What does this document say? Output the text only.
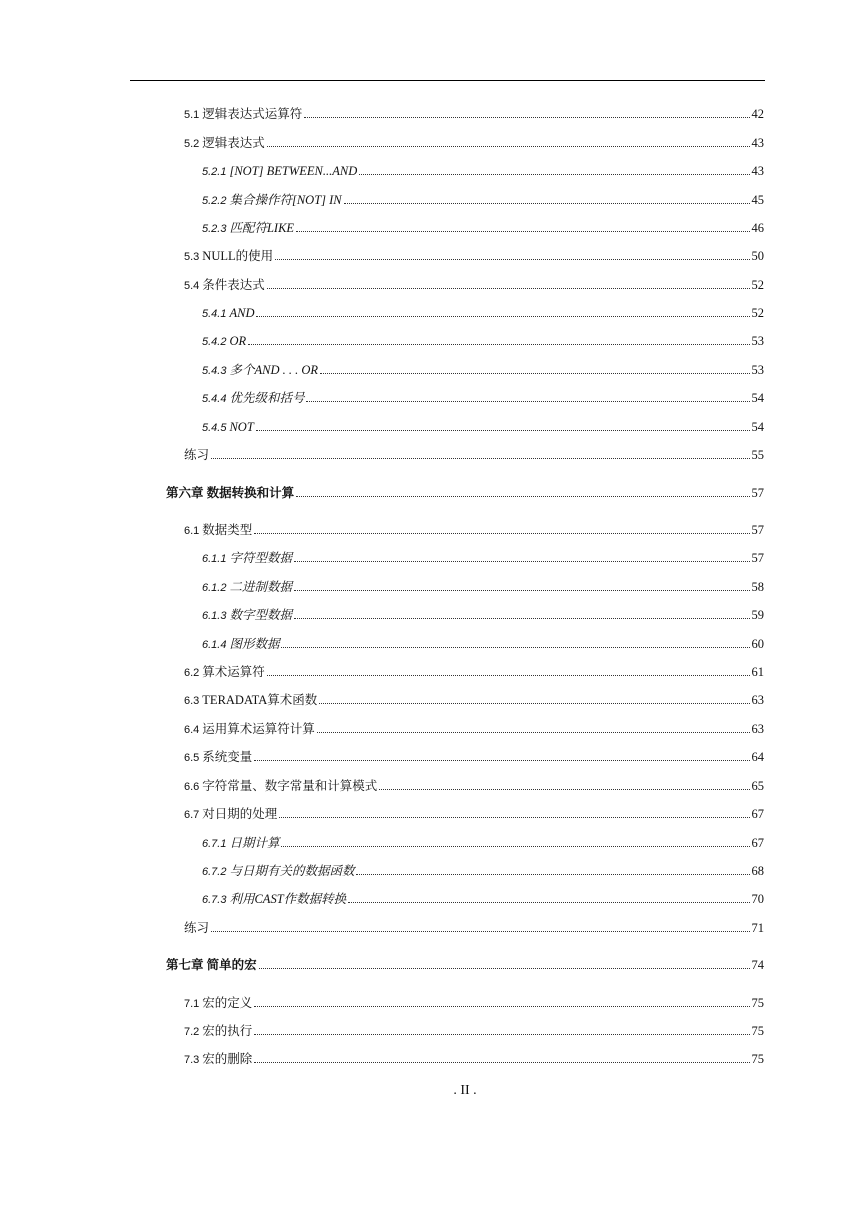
5.1 逻辑表达式运算符	42
5.2 逻辑表达式	43
5.2.1 [NOT] BETWEEN...AND	43
5.2.2 集合操作符[NOT] IN	45
5.2.3 匹配符LIKE	46
5.3 NULL的使用	50
5.4 条件表达式	52
5.4.1 AND	52
5.4.2 OR	53
5.4.3 多个AND . . . OR	53
5.4.4 优先级和括号	54
5.4.5 NOT	54
练习	55
第六章 数据转换和计算	57
6.1 数据类型	57
6.1.1 字符型数据	57
6.1.2 二进制数据	58
6.1.3 数字型数据	59
6.1.4 图形数据	60
6.2 算术运算符	61
6.3 TERADATA算术函数	63
6.4 运用算术运算符计算	63
6.5 系统变量	64
6.6 字符常量、数字常量和计算模式	65
6.7 对日期的处理	67
6.7.1 日期计算	67
6.7.2 与日期有关的数据函数	68
6.7.3 利用CAST作数据转换	70
练习	71
第七章 简单的宏	74
7.1 宏的定义	75
7.2 宏的执行	75
7.3 宏的删除	75
. II .
